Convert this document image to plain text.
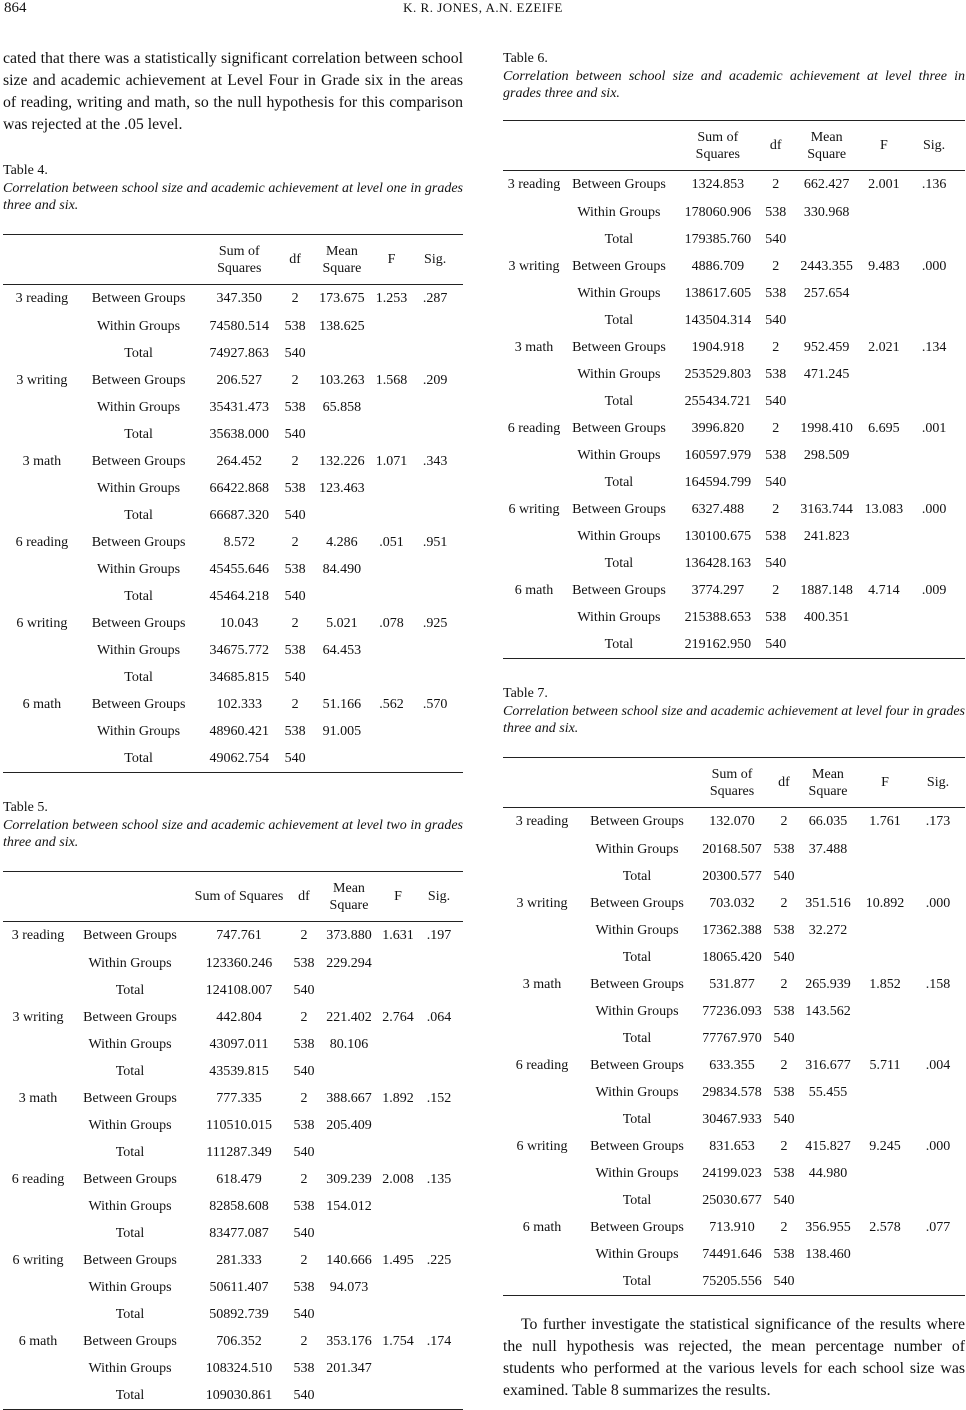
864	K. R. JONES, A.N. EZEIFE

cated that there was a statistically significant correlation between school size and academic achievement at Level Four in Grade six in the areas of reading, writing and math, so the null hypothesis for this comparison was rejected at the .05 level.

Table 4.

Correlation between school size and academic achievement at level one in grades three and six.

		Sum of Squares	df	Mean Square	F	Sig.
3 reading	Between Groups	347.350	2	173.675	1.253	.287
	Within Groups	74580.514	538	138.625		
	Total	74927.863	540			
3 writing	Between Groups	206.527	2	103.263	1.568	.209
	Within Groups	35431.473	538	65.858		
	Total	35638.000	540			
3 math	Between Groups	264.452	2	132.226	1.071	.343
	Within Groups	66422.868	538	123.463		
	Total	66687.320	540			
6 reading	Between Groups	8.572	2	4.286	.051	.951
	Within Groups	45455.646	538	84.490		
	Total	45464.218	540			
6 writing	Between Groups	10.043	2	5.021	.078	.925
	Within Groups	34675.772	538	64.453		
	Total	34685.815	540			
6 math	Between Groups	102.333	2	51.166	.562	.570
	Within Groups	48960.421	538	91.005		
	Total	49062.754	540			

Table 5.

Correlation between school size and academic achievement at level two in grades three and six.

		Sum of Squares	df	Mean Square	F	Sig.
3 reading	Between Groups	747.761	2	373.880	1.631	.197
	Within Groups	123360.246	538	229.294		
	Total	124108.007	540			
3 writing	Between Groups	442.804	2	221.402	2.764	.064
	Within Groups	43097.011	538	80.106		
	Total	43539.815	540			
3 math	Between Groups	777.335	2	388.667	1.892	.152
	Within Groups	110510.015	538	205.409		
	Total	111287.349	540			
6 reading	Between Groups	618.479	2	309.239	2.008	.135
	Within Groups	82858.608	538	154.012		
	Total	83477.087	540			
6 writing	Between Groups	281.333	2	140.666	1.495	.225
	Within Groups	50611.407	538	94.073		
	Total	50892.739	540			
6 math	Between Groups	706.352	2	353.176	1.754	.174
	Within Groups	108324.510	538	201.347		
	Total	109030.861	540			

Table 6.

Correlation between school size and academic achievement at level three in grades three and six.

		Sum of Squares	df	Mean Square	F	Sig.
3 reading	Between Groups	1324.853	2	662.427	2.001	.136
	Within Groups	178060.906	538	330.968		
	Total	179385.760	540			
3 writing	Between Groups	4886.709	2	2443.355	9.483	.000
	Within Groups	138617.605	538	257.654		
	Total	143504.314	540			
3 math	Between Groups	1904.918	2	952.459	2.021	.134
	Within Groups	253529.803	538	471.245		
	Total	255434.721	540			
6 reading	Between Groups	3996.820	2	1998.410	6.695	.001
	Within Groups	160597.979	538	298.509		
	Total	164594.799	540			
6 writing	Between Groups	6327.488	2	3163.744	13.083	.000
	Within Groups	130100.675	538	241.823		
	Total	136428.163	540			
6 math	Between Groups	3774.297	2	1887.148	4.714	.009
	Within Groups	215388.653	538	400.351		
	Total	219162.950	540			

Table 7.

Correlation between school size and academic achievement at level four in grades three and six.

		Sum of Squares	df	Mean Square	F	Sig.
3 reading	Between Groups	132.070	2	66.035	1.761	.173
	Within Groups	20168.507	538	37.488		
	Total	20300.577	540			
3 writing	Between Groups	703.032	2	351.516	10.892	.000
	Within Groups	17362.388	538	32.272		
	Total	18065.420	540			
3 math	Between Groups	531.877	2	265.939	1.852	.158
	Within Groups	77236.093	538	143.562		
	Total	77767.970	540			
6 reading	Between Groups	633.355	2	316.677	5.711	.004
	Within Groups	29834.578	538	55.455		
	Total	30467.933	540			
6 writing	Between Groups	831.653	2	415.827	9.245	.000
	Within Groups	24199.023	538	44.980		
	Total	25030.677	540			
6 math	Between Groups	713.910	2	356.955	2.578	.077
	Within Groups	74491.646	538	138.460		
	Total	75205.556	540			

To further investigate the statistical significance of the results where the null hypothesis was rejected, the mean percentage number of students who performed at the various levels for each school size was examined. Table 8 summarizes the results.
